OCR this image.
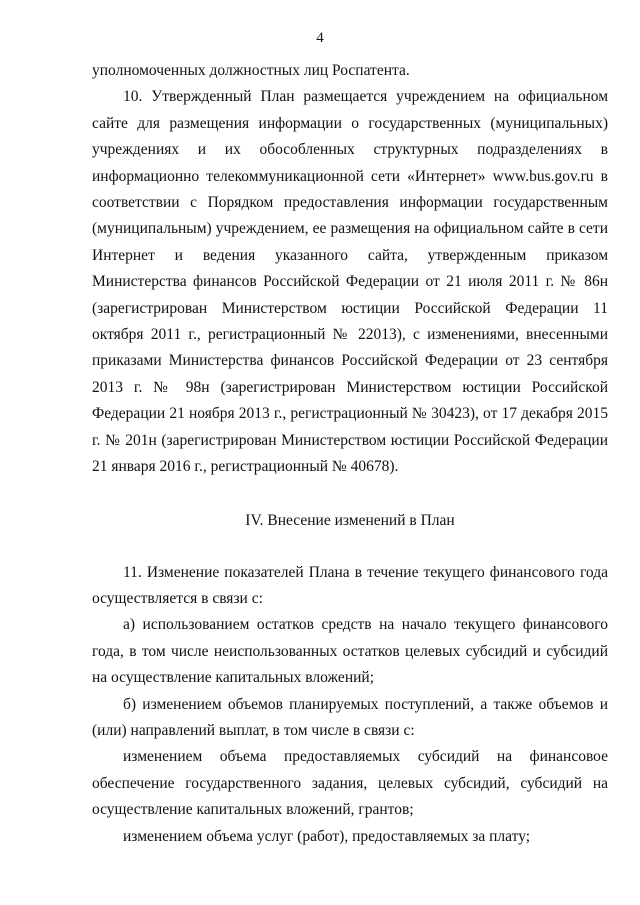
4

уполномоченных должностных лиц Роспатента.

10. Утвержденный План размещается учреждением на официальном сайте для размещения информации о государственных (муниципальных) учреждениях и их обособленных структурных подразделениях в информационно телекоммуникационной сети «Интернет» www.bus.gov.ru в соответствии с Порядком предоставления информации государственным (муниципальным) учреждением, ее размещения на официальном сайте в сети Интернет и ведения указанного сайта, утвержденным приказом Министерства финансов Российской Федерации от 21 июля 2011 г. № 86н (зарегистрирован Министерством юстиции Российской Федерации 11 октября 2011 г., регистрационный № 22013), с изменениями, внесенными приказами Министерства финансов Российской Федерации от 23 сентября 2013 г. № 98н (зарегистрирован Министерством юстиции Российской Федерации 21 ноября 2013 г., регистрационный № 30423), от 17 декабря 2015 г. № 201н (зарегистрирован Министерством юстиции Российской Федерации 21 января 2016 г., регистрационный № 40678).

IV. Внесение изменений в План

11. Изменение показателей Плана в течение текущего финансового года осуществляется в связи с:

а) использованием остатков средств на начало текущего финансового года, в том числе неиспользованных остатков целевых субсидий и субсидий на осуществление капитальных вложений;

б) изменением объемов планируемых поступлений, а также объемов и (или) направлений выплат, в том числе в связи с:

изменением объема предоставляемых субсидий на финансовое обеспечение государственного задания, целевых субсидий, субсидий на осуществление капитальных вложений, грантов;

изменением объема услуг (работ), предоставляемых за плату;
